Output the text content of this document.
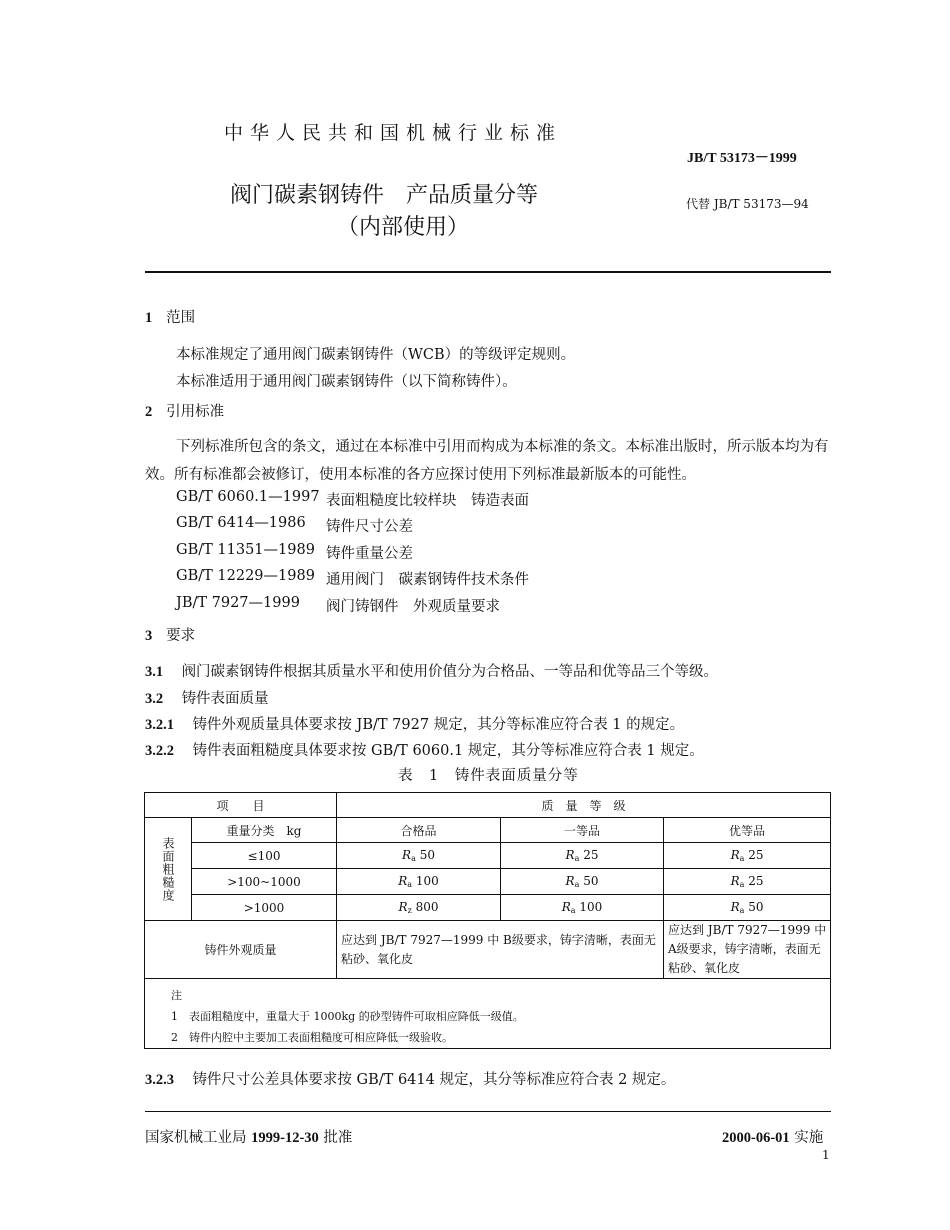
中华人民共和国机械行业标准
JB/T 53173－1999
阀门碳素钢铸件　产品质量分等
（内部使用）
代替 JB/T 53173—94
1 范围
本标准规定了通用阀门碳素钢铸件（WCB）的等级评定规则。
本标准适用于通用阀门碳素钢铸件（以下简称铸件）。
2 引用标准
下列标准所包含的条文，通过在本标准中引用而构成为本标准的条文。本标准出版时，所示版本均为有效。所有标准都会被修订，使用本标准的各方应探讨使用下列标准最新版本的可能性。
GB/T 6060.1—1997 表面粗糙度比较样块　铸造表面
GB/T 6414—1986 铸件尺寸公差
GB/T 11351—1989 铸件重量公差
GB/T 12229—1989 通用阀门　碳素钢铸件技术条件
JB/T 7927—1999 阀门铸钢件　外观质量要求
3 要求
3.1 阀门碳素钢铸件根据其质量水平和使用价值分为合格品、一等品和优等品三个等级。
3.2 铸件表面质量
3.2.1 铸件外观质量具体要求按 JB/T 7927 规定，其分等标准应符合表 1 的规定。
3.2.2 铸件表面粗糙度具体要求按 GB/T 6060.1 规定，其分等标准应符合表 1 规定。
表　1　铸件表面质量分等
项　　目		质　量　等　级		
表面粗糙度	重量分类　kg	合格品	一等品	优等品
	≤100	$R_a$ 50	$R_a$ 25	$R_a$ 25
	>100~1000	$R_a$ 100	$R_a$ 50	$R_a$ 25
	>1000	$R_z$ 800	$R_a$ 100	$R_a$ 50
铸件外观质量		应达到 JB/T 7927—1999 中 B级要求，铸字清晰，表面无粘砂、氧化皮		应达到 JB/T 7927—1999 中 A级要求，铸字清晰，表面无粘砂、氧化皮

注
1　表面粗糙度中，重量大于 1000kg 的砂型铸件可取相应降低一级值。
2　铸件内腔中主要加工表面粗糙度可相应降低一级验收。				
3.2.3 铸件尺寸公差具体要求按 GB/T 6414 规定，其分等标准应符合表 2 规定。
国家机械工业局 1999-12-30 批准	2000-06-01 实施
1
